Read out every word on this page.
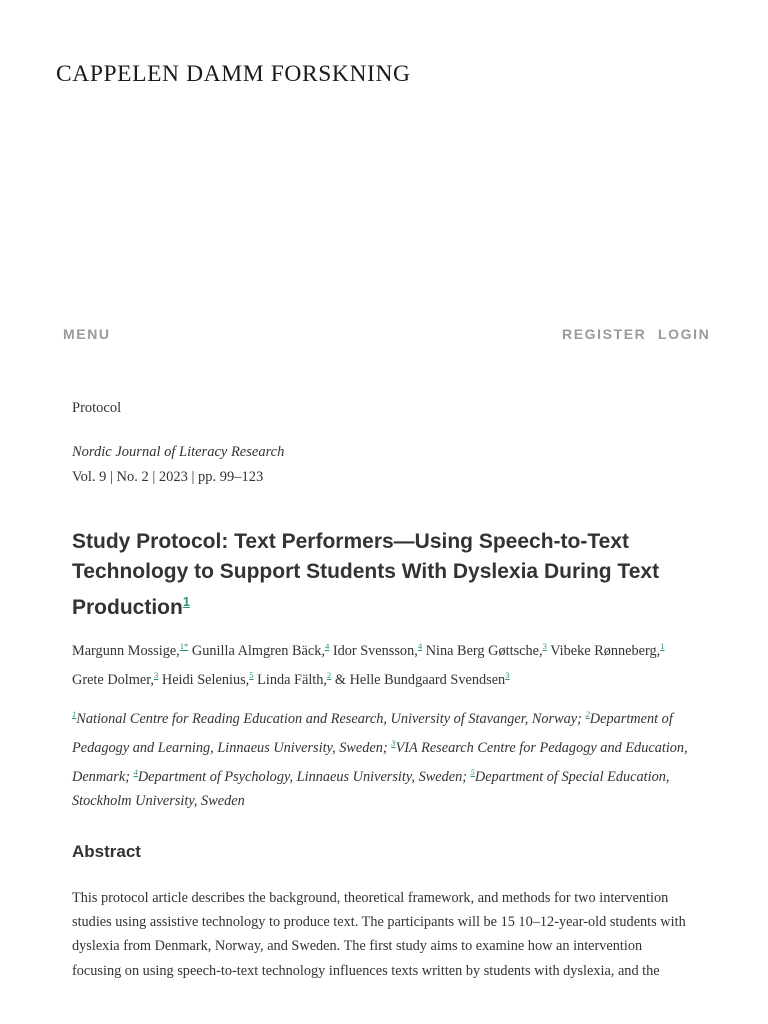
CAPPELEN DAMM FORSKNING
MENU	REGISTER LOGIN
Protocol
Nordic Journal of Literacy Research
Vol. 9 | No. 2 | 2023 | pp. 99–123
Study Protocol: Text Performers—Using Speech-to-Text Technology to Support Students With Dyslexia During Text Production$^1$
Margunn Mossige,$^{1*}$ Gunilla Almgren Bäck,$^4$ Idor Svensson,$^4$ Nina Berg Gøttsche,$^3$ Vibeke Rønneberg,$^1$
Grete Dolmer,$^3$ Heidi Selenius,$^5$ Linda Fälth,$^2$ & Helle Bundgaard Svendsen$^3$
$^1$National Centre for Reading Education and Research, University of Stavanger, Norway; $^2$Department of Pedagogy and Learning, Linnaeus University, Sweden; $^3$VIA Research Centre for Pedagogy and Education, Denmark; $^4$Department of Psychology, Linnaeus University, Sweden; $^5$Department of Special Education, Stockholm University, Sweden
Abstract

This protocol article describes the background, theoretical framework, and methods for two intervention studies using assistive technology to produce text. The participants will be 15 10–12-year-old students with dyslexia from Denmark, Norway, and Sweden. The first study aims to examine how an intervention focusing on using speech-to-text technology influences texts written by students with dyslexia, and the
